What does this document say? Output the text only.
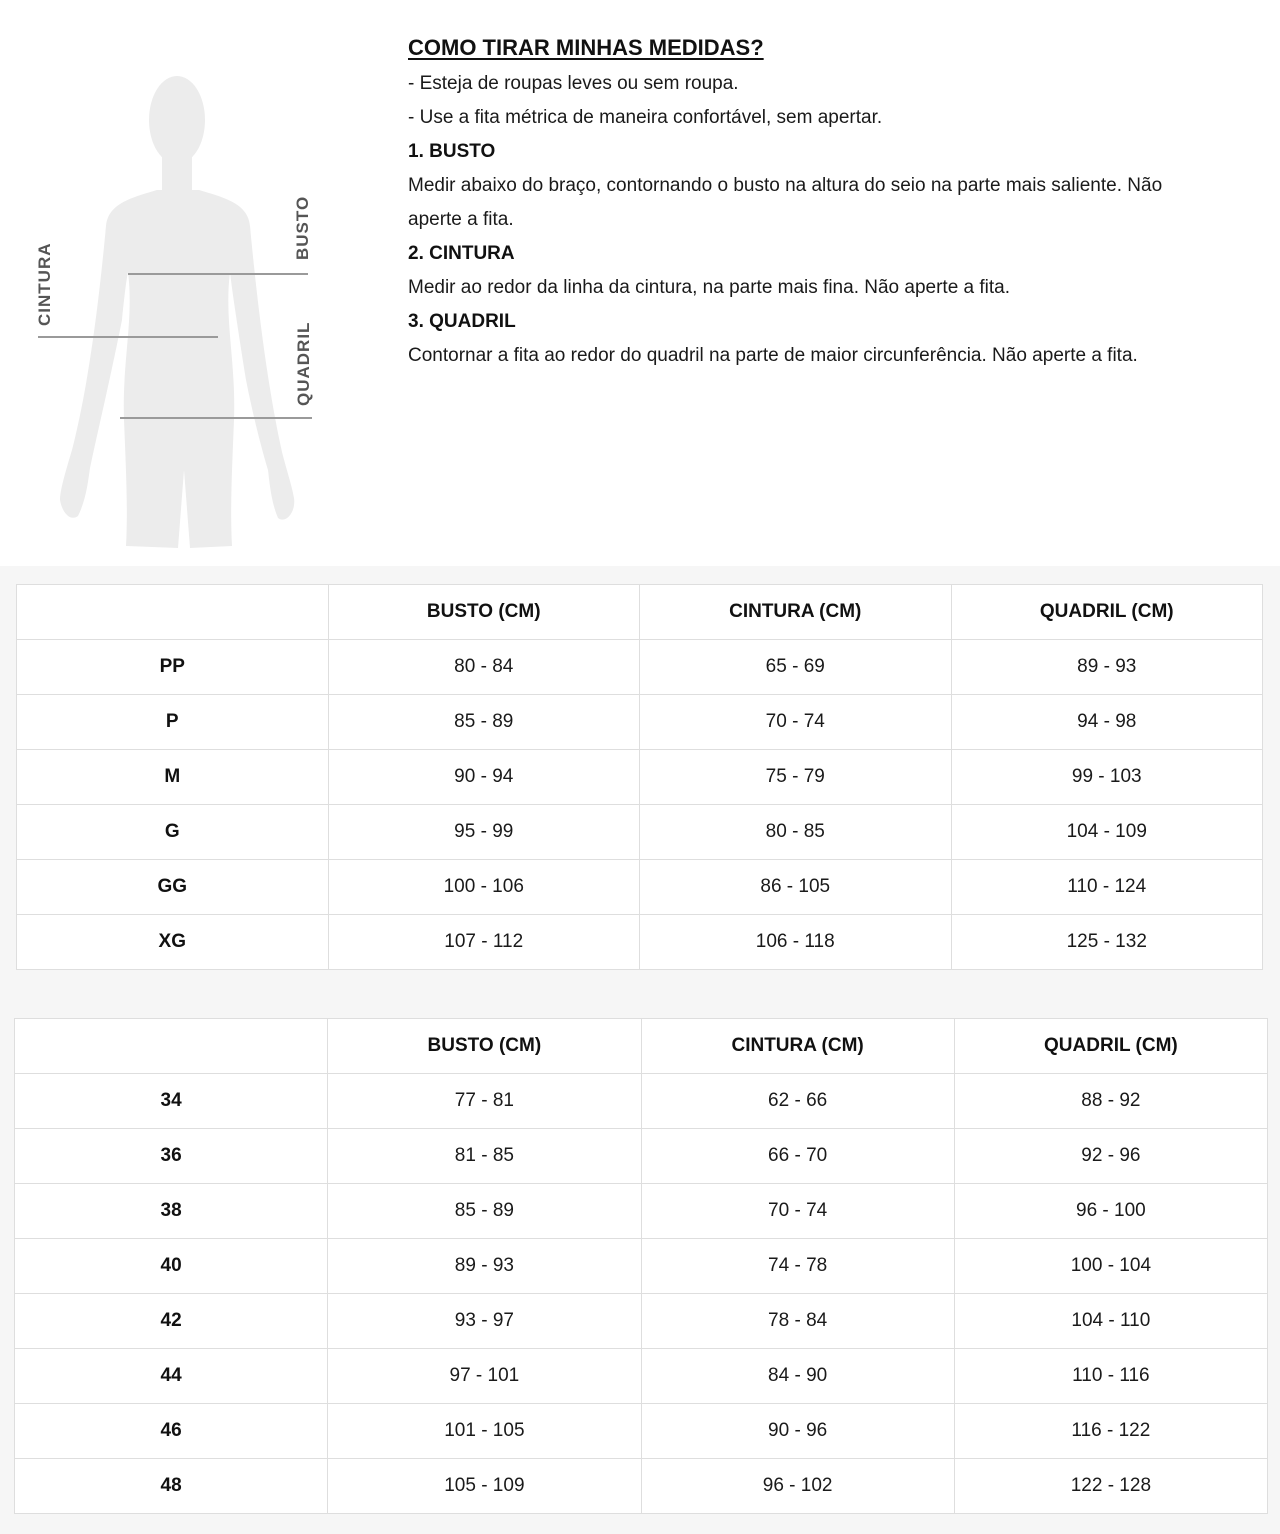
BUSTO
CINTURA
QUADRIL
COMO TIRAR MINHAS MEDIDAS?

- Esteja de roupas leves ou sem roupa.

- Use a fita métrica de maneira confortável, sem apertar.

1. BUSTO

Medir abaixo do braço, contornando o busto na altura do seio na parte mais saliente. Não

aperte a fita.

2. CINTURA

Medir ao redor da linha da cintura, na parte mais fina. Não aperte a fita.

3. QUADRIL

Contornar a fita ao redor do quadril na parte de maior circunferência. Não aperte a fita.

	BUSTO (CM)	CINTURA (CM)	QUADRIL (CM)
PP	80 - 84	65 - 69	89 - 93
P	85 - 89	70 - 74	94 - 98
M	90 - 94	75 - 79	99 - 103
G	95 - 99	80 - 85	104 - 109
GG	100 - 106	86 - 105	110 - 124
XG	107 - 112	106 - 118	125 - 132
	BUSTO (CM)	CINTURA (CM)	QUADRIL (CM)
34	77 - 81	62 - 66	88 - 92
36	81 - 85	66 - 70	92 - 96
38	85 - 89	70 - 74	96 - 100
40	89 - 93	74 - 78	100 - 104
42	93 - 97	78 - 84	104 - 110
44	97 - 101	84 - 90	110 - 116
46	101 - 105	90 - 96	116 - 122
48	105 - 109	96 - 102	122 - 128
